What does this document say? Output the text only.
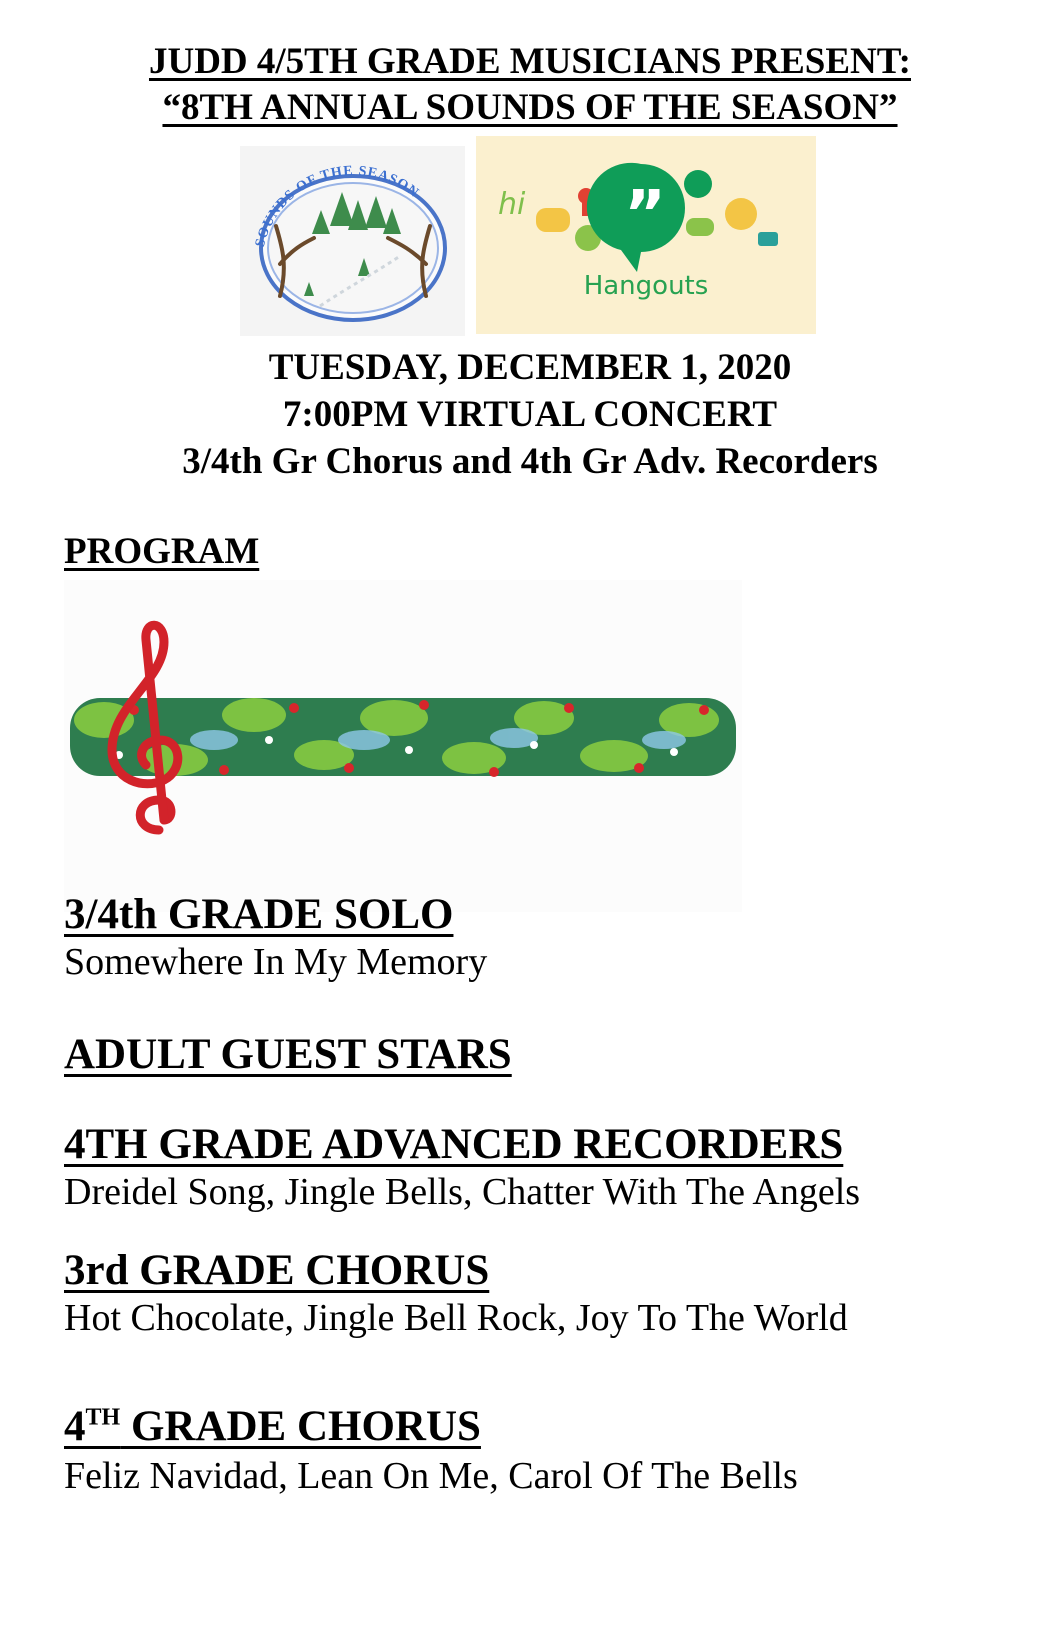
JUDD 4/5TH GRADE MUSICIANS PRESENT:
“8TH ANNUAL SOUNDS OF THE SEASON”
SOUNDS OF THE SEASON	hi ”
Hangouts
TUESDAY, DECEMBER 1, 2020
7:00PM VIRTUAL CONCERT
3/4th Gr Chorus and 4th Gr Adv. Recorders
PROGRAM
3/4th GRADE SOLO
Somewhere In My Memory
ADULT GUEST STARS
4TH GRADE ADVANCED RECORDERS
Dreidel Song, Jingle Bells, Chatter With The Angels
3rd GRADE CHORUS
Hot Chocolate, Jingle Bell Rock, Joy To The World
4TH GRADE CHORUS
Feliz Navidad, Lean On Me, Carol Of The Bells
